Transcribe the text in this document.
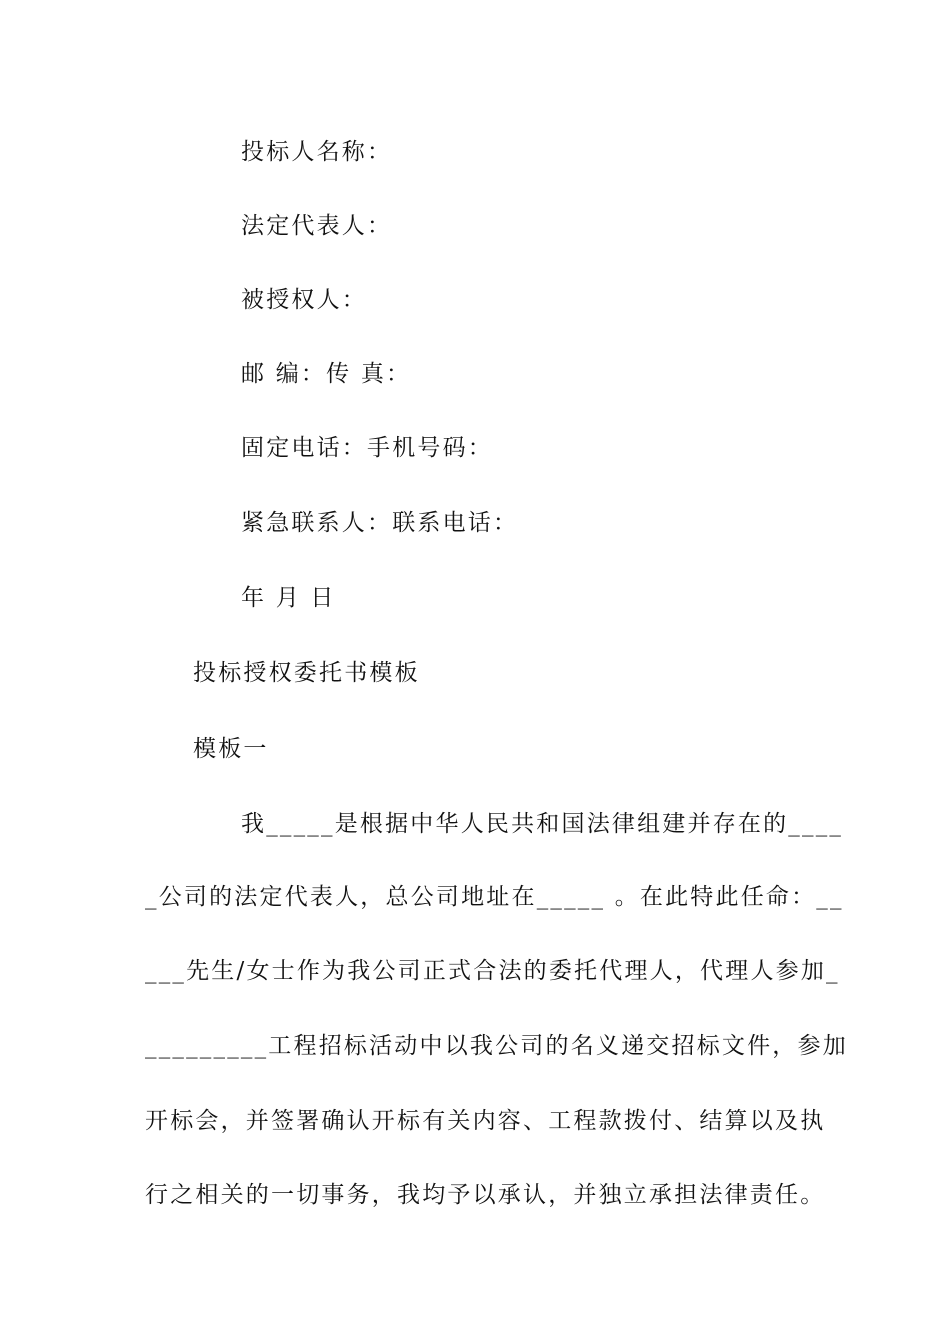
投标人名称：
法定代表人：
被授权人：
邮 编：传 真：
固定电话：手机号码：
紧急联系人：联系电话：
年 月 日
投标授权委托书模板
模板一
我_____是根据中华人民共和国法律组建并存在的____
_公司的法定代表人，总公司地址在_____ 。在此特此任命：__
___先生/女士作为我公司正式合法的委托代理人，代理人参加_
_________工程招标活动中以我公司的名义递交招标文件，参加
开标会，并签署确认开标有关内容、工程款拨付、结算以及执
行之相关的一切事务，我均予以承认，并独立承担法律责任。
